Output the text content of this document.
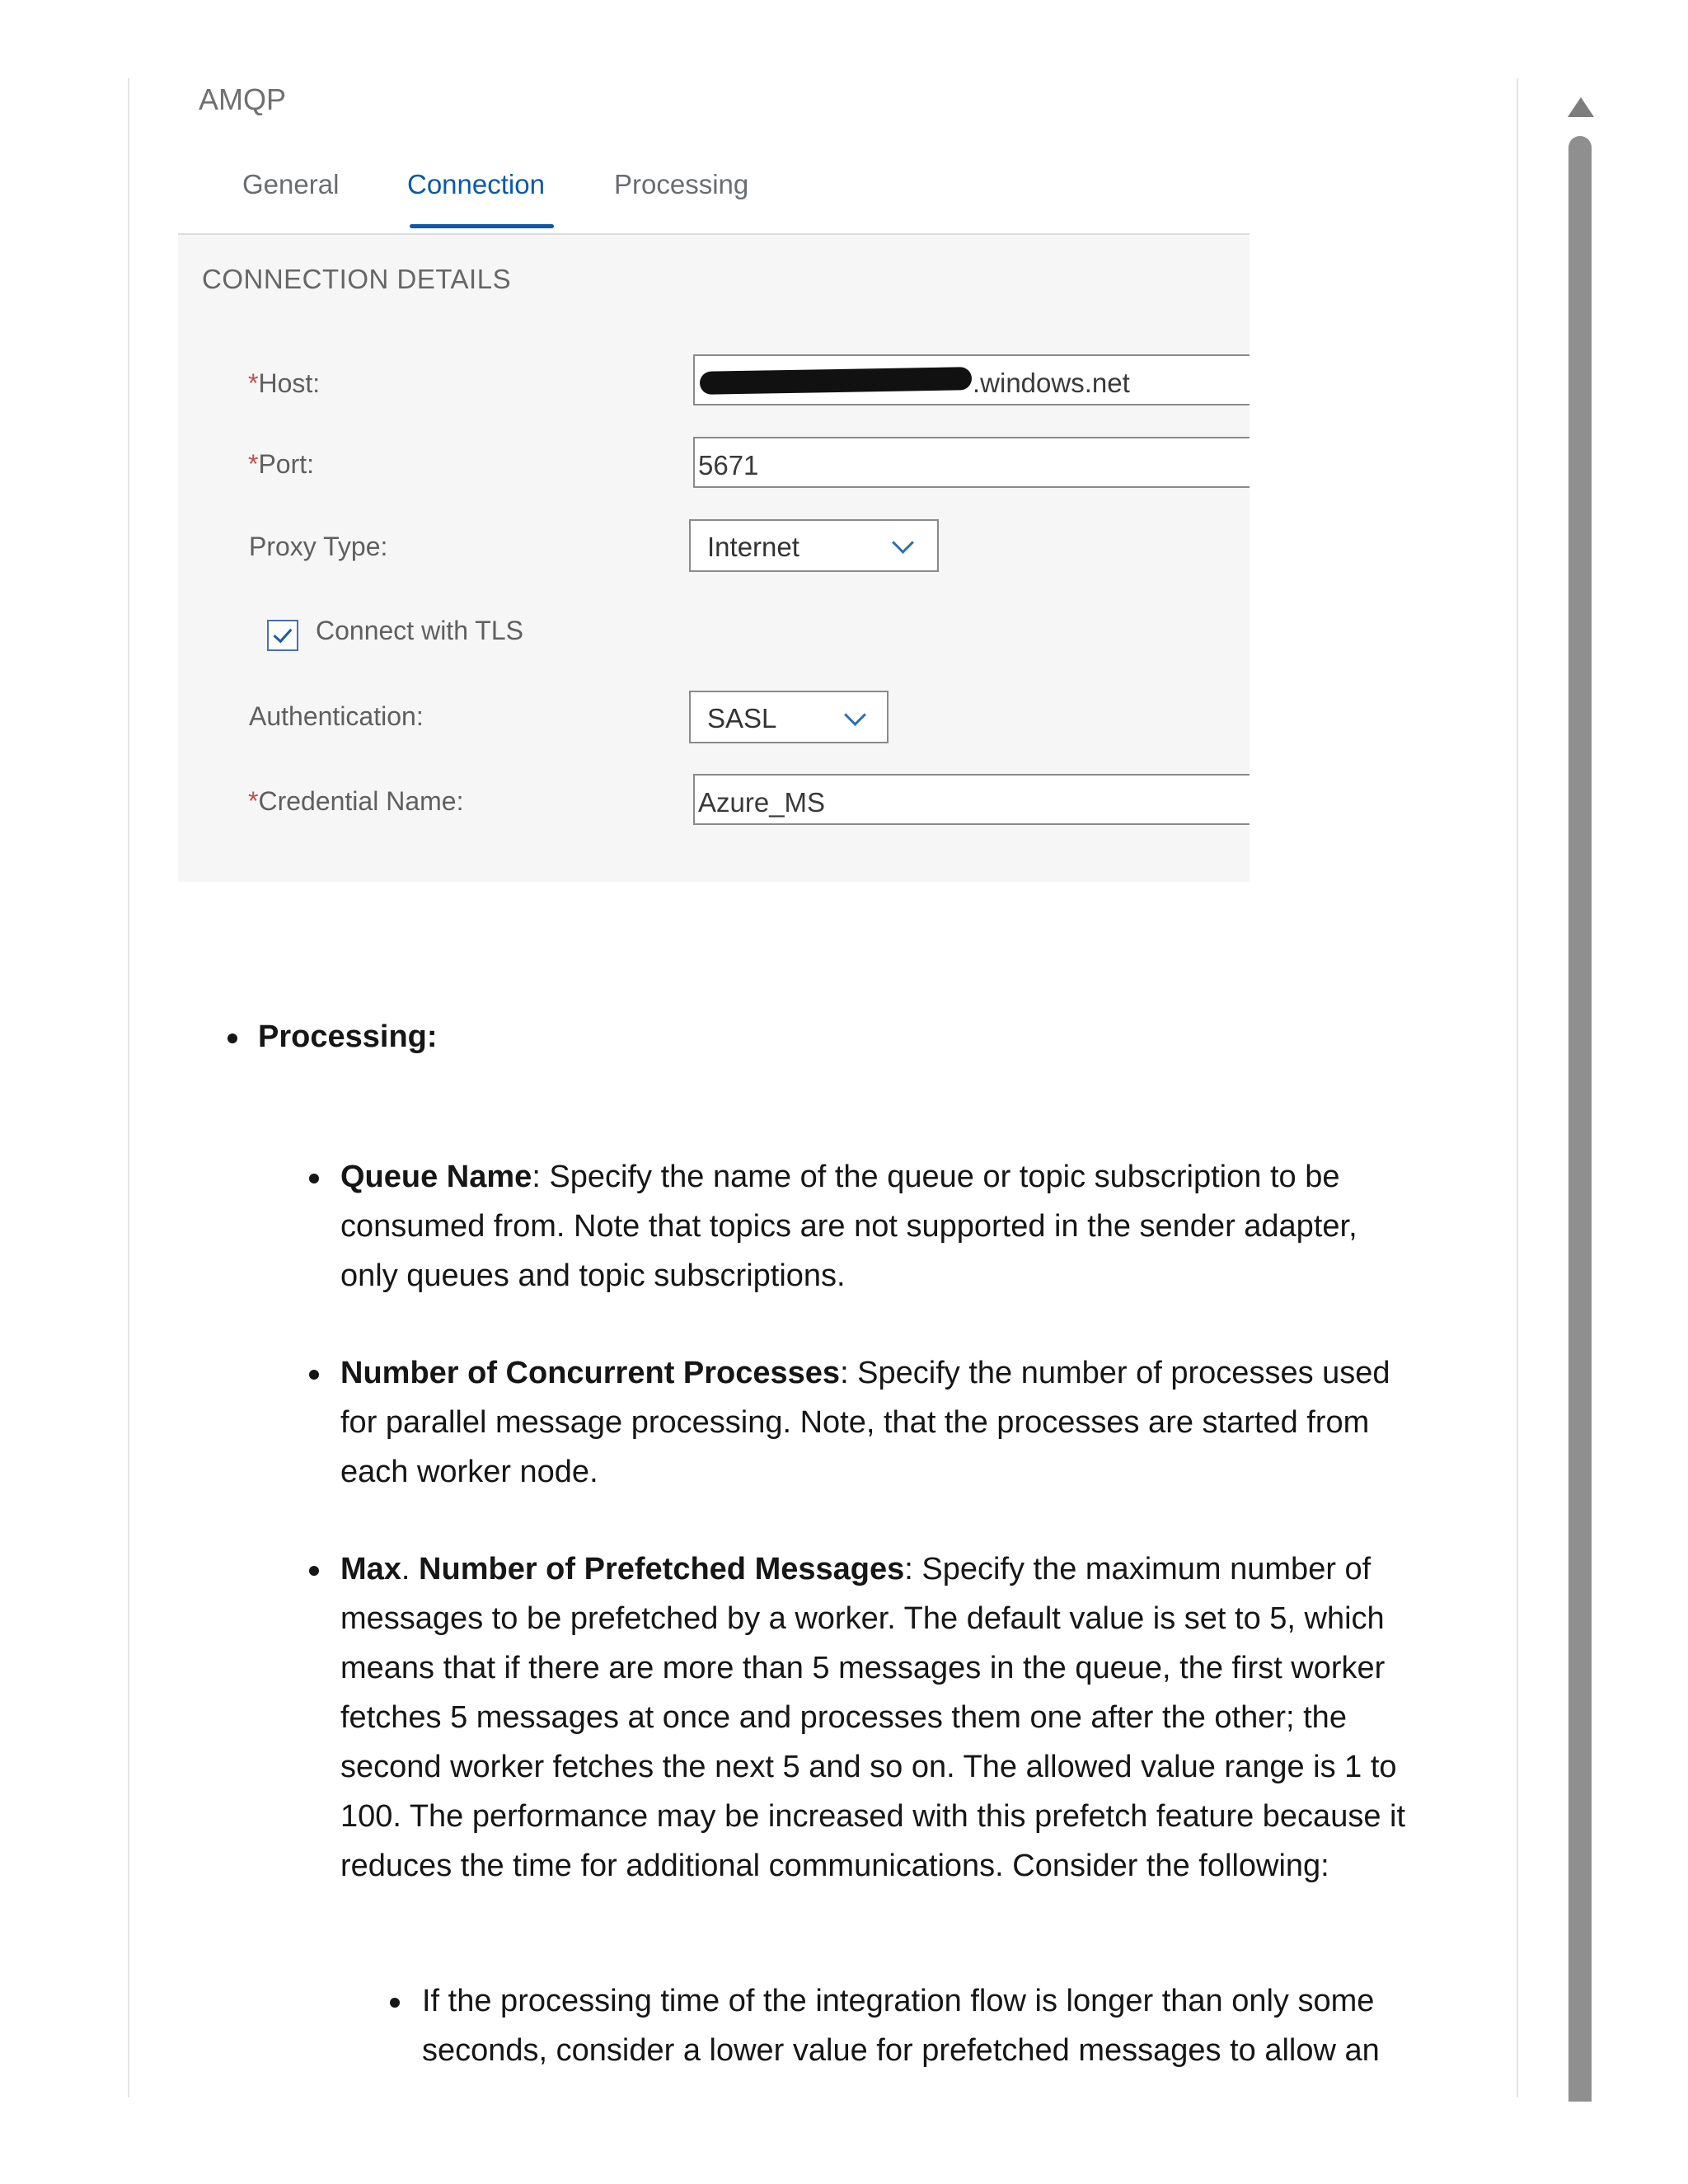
AMQP
General	Connection	Processing
CONNECTION DETAILS
*Host:	.windows.net
*Port:	5671
Proxy Type:	Internet
Connect with TLS
Authentication:	SASL
*Credential Name:	Azure_MS
Processing:
Queue Name: Specify the name of the queue or topic subscription to be
consumed from. Note that topics are not supported in the sender adapter,
only queues and topic subscriptions.
Number of Concurrent Processes: Specify the number of processes used
for parallel message processing. Note, that the processes are started from
each worker node.
Max. Number of Prefetched Messages: Specify the maximum number of
messages to be prefetched by a worker. The default value is set to 5, which
means that if there are more than 5 messages in the queue, the first worker
fetches 5 messages at once and processes them one after the other; the
second worker fetches the next 5 and so on. The allowed value range is 1 to
100. The performance may be increased with this prefetch feature because it
reduces the time for additional communications. Consider the following:
If the processing time of the integration flow is longer than only some
seconds, consider a lower value for prefetched messages to allow an
